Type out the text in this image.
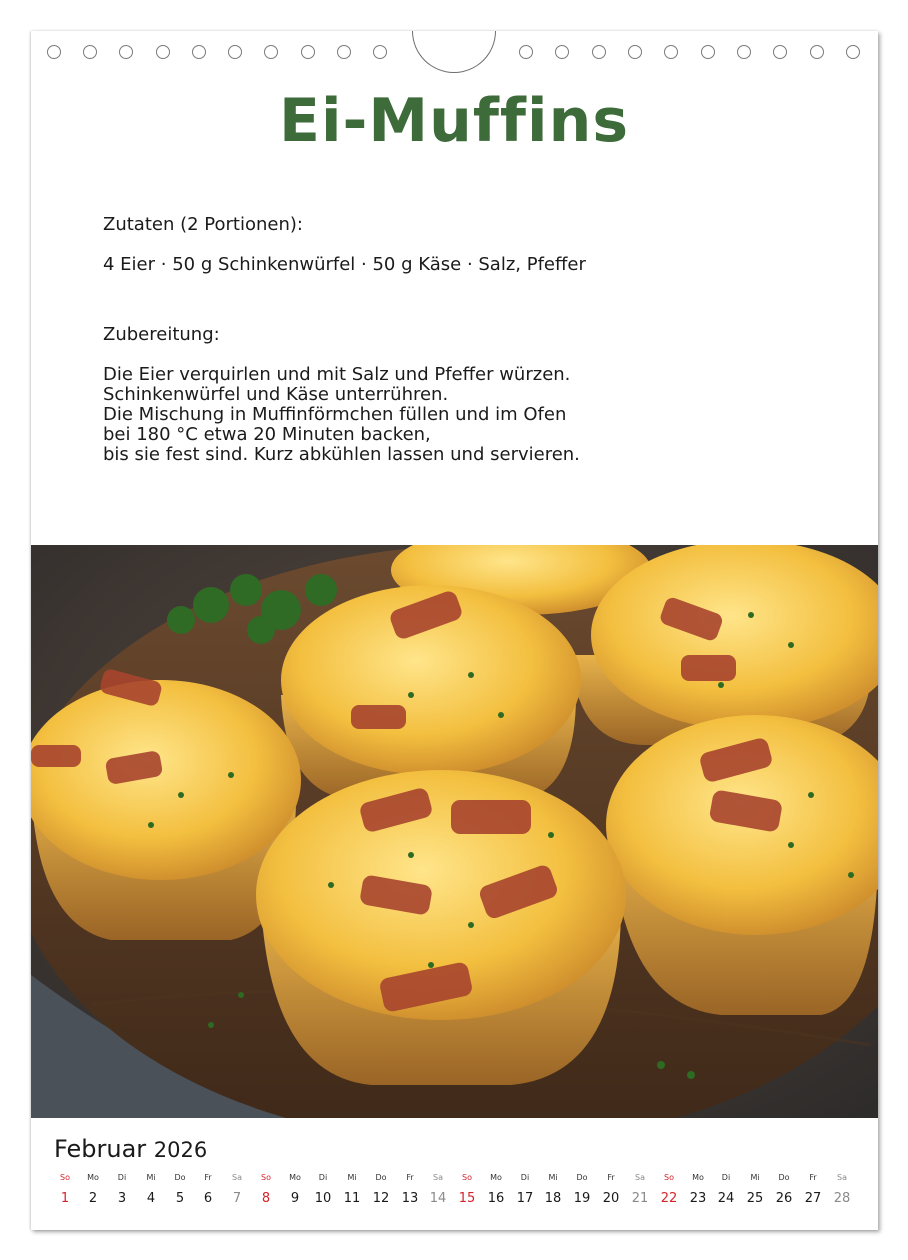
Ei-Muffins
Zutaten (2 Portionen):
4 Eier · 50 g Schinkenwürfel · 50 g Käse · Salz, Pfeffer
Zubereitung:
Die Eier verquirlen und mit Salz und Pfeffer würzen.
Schinkenwürfel und Käse unterrühren.
Die Mischung in Muffinförmchen füllen und im Ofen
bei 180 °C etwa 20 Minuten backen,
bis sie fest sind. Kurz abkühlen lassen und servieren.
Februar 2026
So
1
Mo
2
Di
3
Mi
4
Do
5
Fr
6
Sa
7
So
8
Mo
9
Di
10
Mi
11
Do
12
Fr
13
Sa
14
So
15
Mo
16
Di
17
Mi
18
Do
19
Fr
20
Sa
21
So
22
Mo
23
Di
24
Mi
25
Do
26
Fr
27
Sa
28
